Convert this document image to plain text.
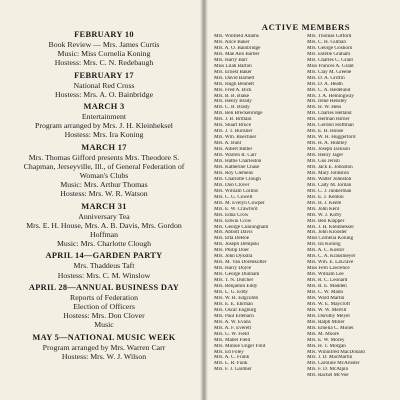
FEBRUARY 10
Book Review — Mrs. James Curtis
Music: Miss Cornelia Koning
Hostess: Mrs. C. N. Redebaugh
FEBRUARY 17
National Red Cross
Hostess: Mrs. A. O. Bainbridge
MARCH 3
Entertainment
Program arranged by Mrs. J. H. Kleinheksel
Hostess: Mrs. Ira Koning
MARCH 17
Mrs. Thomas Gifford presents Mrs. Theodore S.
Chapman, Jerseyville, Ill., of General Federation of
Woman's Clubs
Music: Mrs. Arthur Thomas
Hostess: Mrs. W. R. Watson
MARCH 31
Anniversary Tea
Mrs. E. H. House, Mrs. A. B. Davis, Mrs. Gordon
Hoffman
Music: Mrs. Charlotte Clough
APRIL 14—GARDEN PARTY
Mrs. Thaddeus Taft
Hostess: Mrs. C. M. Winslow
APRIL 28—ANNUAL BUSINESS DAY
Reports of Federation
Election of Officers
Hostess: Mrs. Don Clover
Music
MAY 5—NATIONAL MUSIC WEEK
Program arranged by Mrs. Warren Carr
Hostess: Mrs. W. J. Wilson
ACTIVE MEMBERS
Mrs. Winfield Adams
Mrs. Alice Baker
Mrs. A. O. Bainbridge
Mrs. Mae Ann Barber
Mrs. Harry Barr
Miss Lilah Barton
Mrs. Ernest Baker
Mrs. David Barnett
Mrs. Hugh Bennett
Mrs. Fred A. Bick
Mrs. B. B. Blake
Mrs. Henry Brady
Mrs. C. R. Brady
Mrs. Ben Breckenridge
Mrs. J. B. Brittain
Mrs. Stuart Bruce
Mrs. J. T. Buckner
Mrs. Wm. Buechner
Mrs. A. Bunt
Mrs. Albert Butler
Mrs. Warren R. Carr
Mrs. Hattie Charleston
Mrs. Katherine Chase
Mrs. Roy Clemens
Mrs. Charlotte Clough
Mrs. Don Clover
Mrs. William Collins
Mrs. C. G. Cowell
Mrs. M. Evelyn Cowper
Mrs. E. W. Crawford
Mrs. Edna Crow
Mrs. Edwin Crow
Mrs. George Cunningham
Mrs. Abbott Davis
Mrs. Etta DeBoe
Mrs. Joseph Dempski
Mrs. Philip Doer
Mrs. John Dykstra
Mrs. M. Van Dorenkotter
Mrs. Harry Doyle
Mrs. George Dunham
Mrs. T. N. Dutcher
Mrs. Benjamin Eddy
Mrs. L. G. Eddy
Mrs. W. H. Edgcomb
Mrs. E. E. Ehrman
Mrs. Oscar Engburg
Mrs. Paul Erlebach
Mrs. A. W. Evans
Mrs. A. F. Everett
Mrs. G. W. Field
Mrs. Mabel Field
Mrs. Minnie Unger Flint
Mrs. Ed Foley
Mrs. A. C. Frank
Mrs. L. R. Funk
Mrs. F. J. Gardner
Mrs. Thomas Gifford
Mrs. C. H. Gilman
Mrs. George Goshorn
Mrs. Estelle Graham
Mrs. Charles C. Grant
Miss Frances A. Grant
Mrs. Clay M. Greene
Mrs. D. A. Griffin
Mrs. D. A. Heath
Mrs. C. A. Hedelund
Mrs. J. A. Hemingway
Mrs. Irene Hensley
Mrs. H. W. Hess
Mrs. Charles Hetland
Mrs. Herman Hirner
Mrs. Gordon Hoffman
Mrs. E. H. House
Mrs. W. H. Huggerford
Mrs. H. A. Huntley
Mrs. Joseph Jackson
Mrs. Henry Jager
Mrs. Gus Jerish
Mrs. Jack E. Johnston
Mrs. Mary Johnston
Mrs. Walter Johnston
Mrs. Cady M. Jordan
Mrs. C. J. Junkerman
Mrs. E. J. Kenton
Mrs. H. J. Keefe
Mrs. John Kent
Mrs. W. J. Kirby
Mrs. Ben Klapper
Mrs. J. H. Kleinheksel
Mrs. John Klooster
Miss Cornelia Koning
Mrs. Ira Koning
Mrs. A. C. Kostor
Mrs. C. A. Krausmeyer
Mrs. Wm. E. LaGrave
Miss Fern Lawrence
Mrs. William Lee
Mrs. R. C. Leonard
Mrs. R. E. Madden
Mrs. C. W. Mann
Mrs. Ward Martin
Mrs. W. E. Maycroft
Mrs. W. W. Merrill
Mrs. Dorothy Meyer
Mrs. Ralph Miller
Mrs. Emelia C. Monei
Mrs. M. Moore
Mrs. E. W. Morey
Mrs. H. T. Morgan
Mrs. Winnifred MacDonald
Mrs. J. D. MacMartin
Mrs. Caroline McAllister
Mrs. F. D. McAlpin
Mrs. Rachel McVoe
